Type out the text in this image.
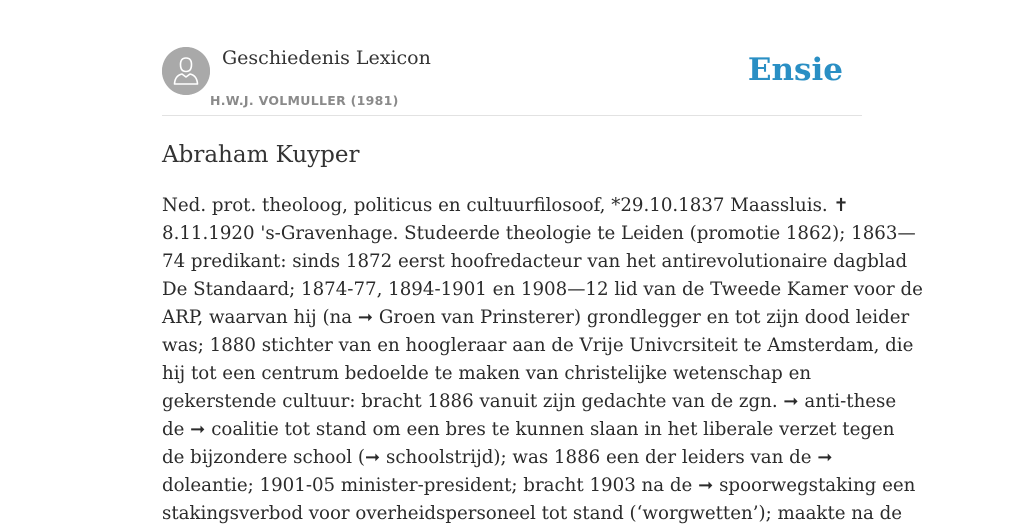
Geschiedenis Lexicon
H.W.J. VOLMULLER (1981)
Ensie
Abraham Kuyper

Ned. prot. theoloog, politicus en cultuurfilosoof, *29.10.1837 Maassluis. ✝
8.11.1920 's-Gravenhage. Studeerde theologie te Leiden (promotie 1862); 1863—
74 predikant: sinds 1872 eerst hoofredacteur van het antirevolutionaire dagblad
De Standaard; 1874-77, 1894-1901 en 1908—12 lid van de Tweede Kamer voor de
ARP, waarvan hij (na ➞ Groen van Prinsterer) grondlegger en tot zijn dood leider
was; 1880 stichter van en hoogleraar aan de Vrije Univcrsiteit te Amsterdam, die
hij tot een centrum bedoelde te maken van christelijke wetenschap en
gekerstende cultuur: bracht 1886 vanuit zijn gedachte van de zgn. ➞ anti-these
de ➞ coalitie tot stand om een bres te kunnen slaan in het liberale verzet tegen
de bijzondere school (➞ schoolstrijd); was 1886 een der leiders van de ➞
doleantie; 1901-05 minister-president; bracht 1903 na de ➞ spoorwegstaking een
stakingsverbod voor overheidspersoneel tot stand (‘worgwetten’); maakte na de
